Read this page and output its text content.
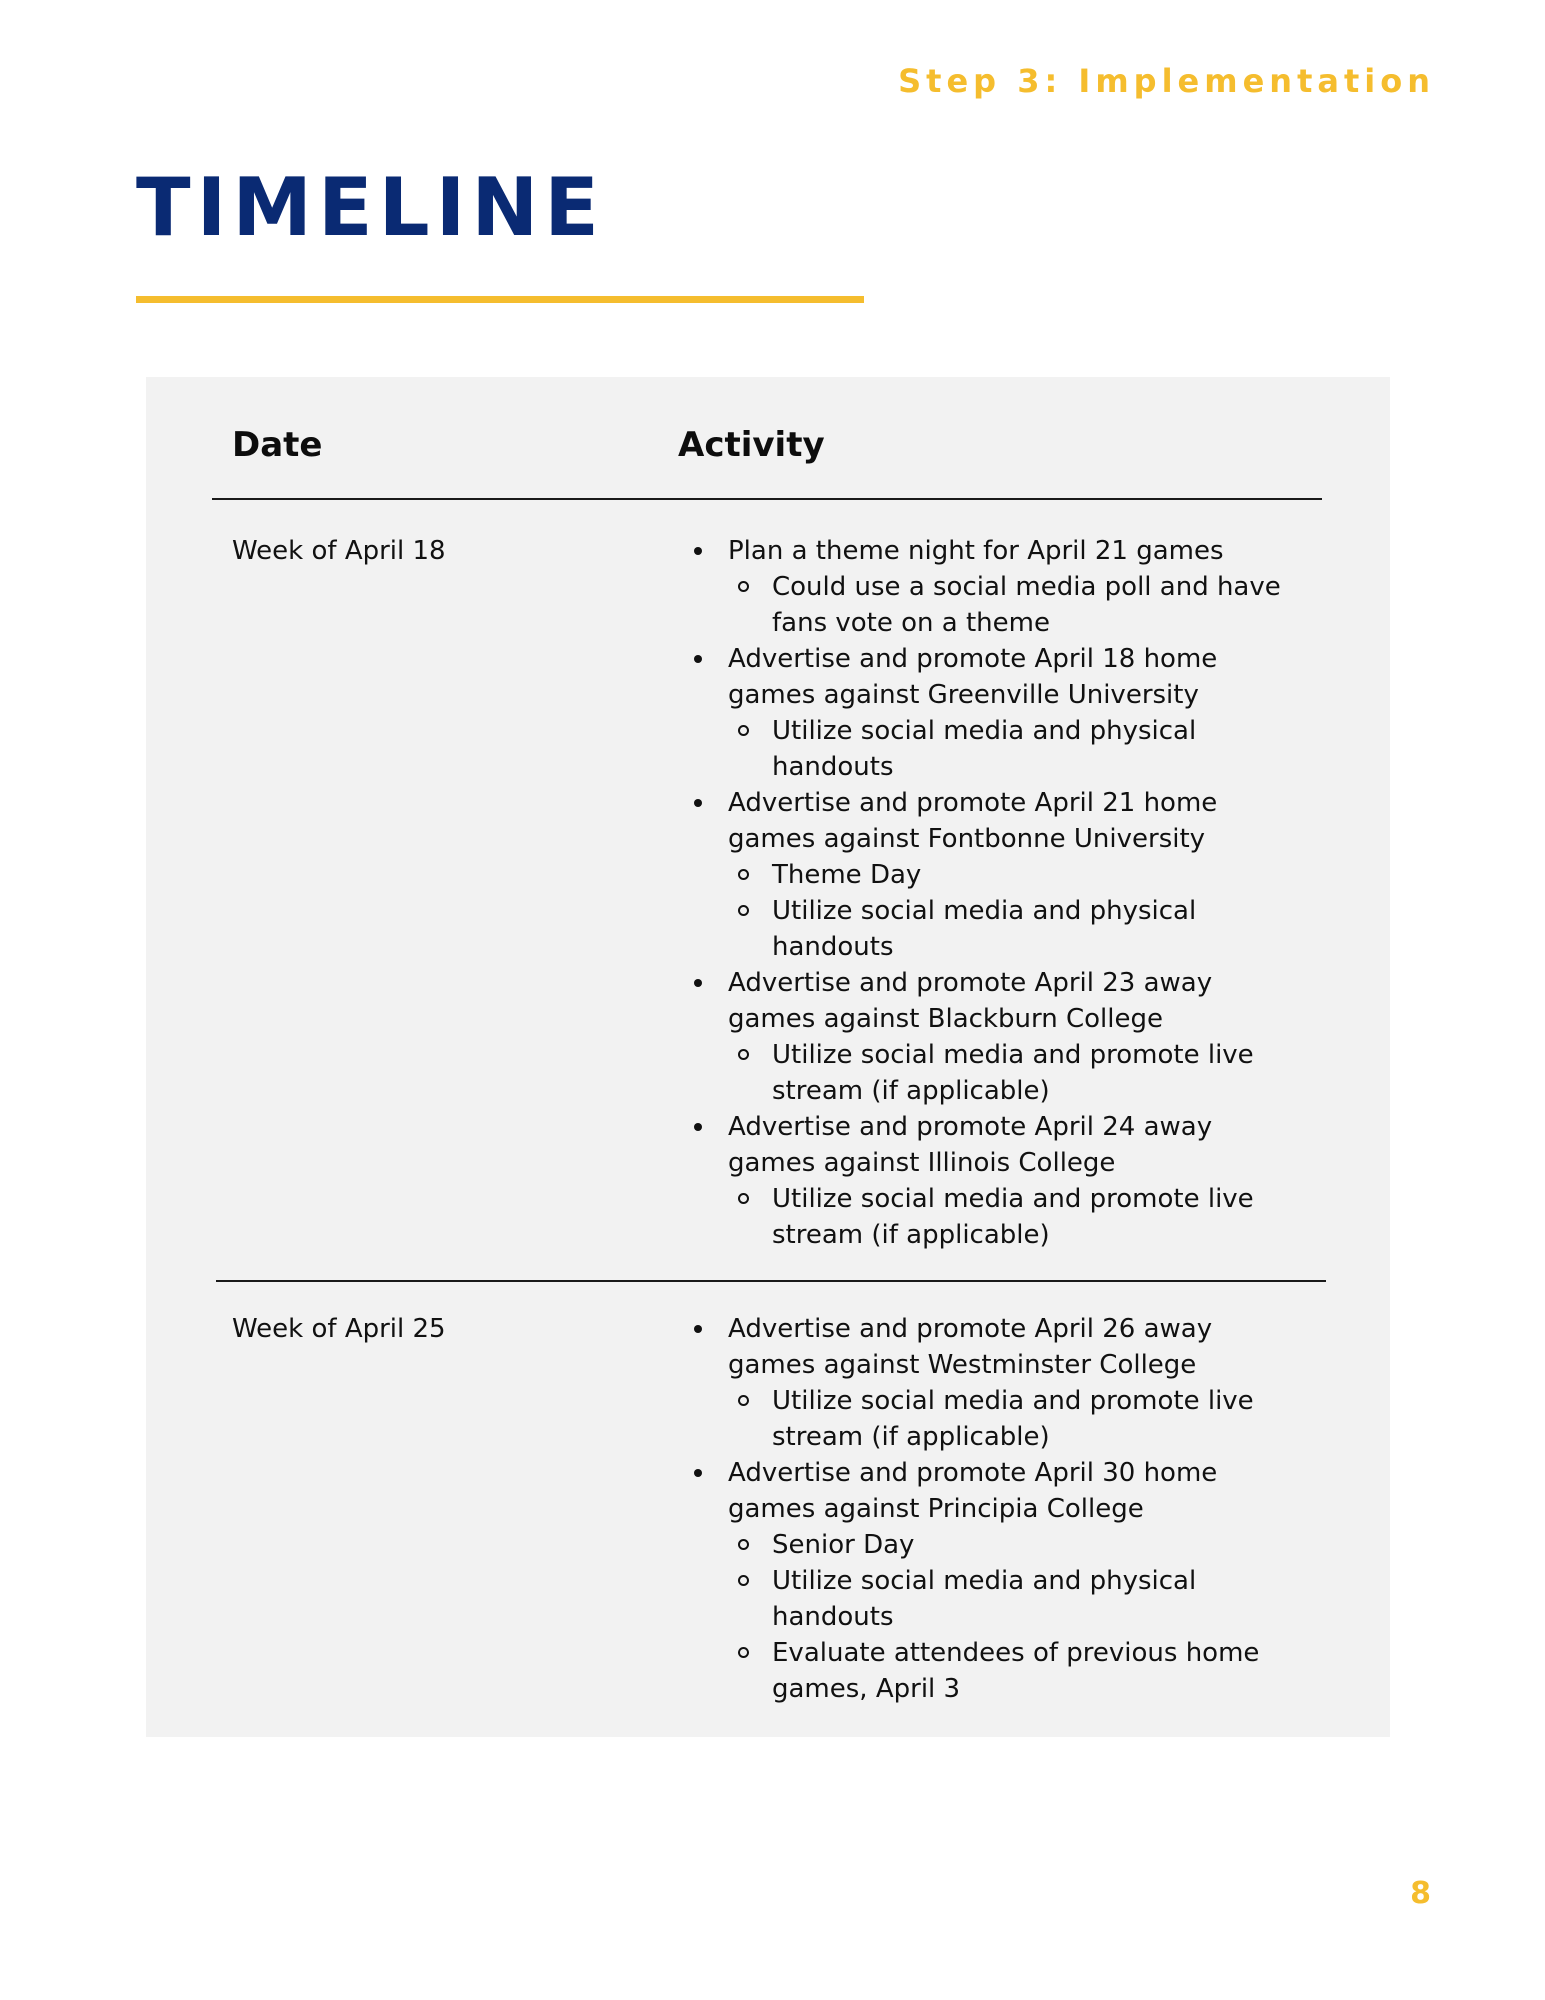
Step 3: Implementation
TIMELINE
Date	Activity
Week of April 18	Plan a theme night for April 21 games
Could use a social media poll and have fans vote on a theme
Advertise and promote April 18 home games against Greenville University
Utilize social media and physical handouts
Advertise and promote April 21 home games against Fontbonne University
Theme Day
Utilize social media and physical handouts
Advertise and promote April 23 away games against Blackburn College
Utilize social media and promote live stream (if applicable)
Advertise and promote April 24 away games against Illinois College
Utilize social media and promote live stream (if applicable)
Week of April 25	Advertise and promote April 26 away games against Westminster College
Utilize social media and promote live stream (if applicable)
Advertise and promote April 30 home games against Principia College
Senior Day
Utilize social media and physical handouts
Evaluate attendees of previous home games, April 3
8
